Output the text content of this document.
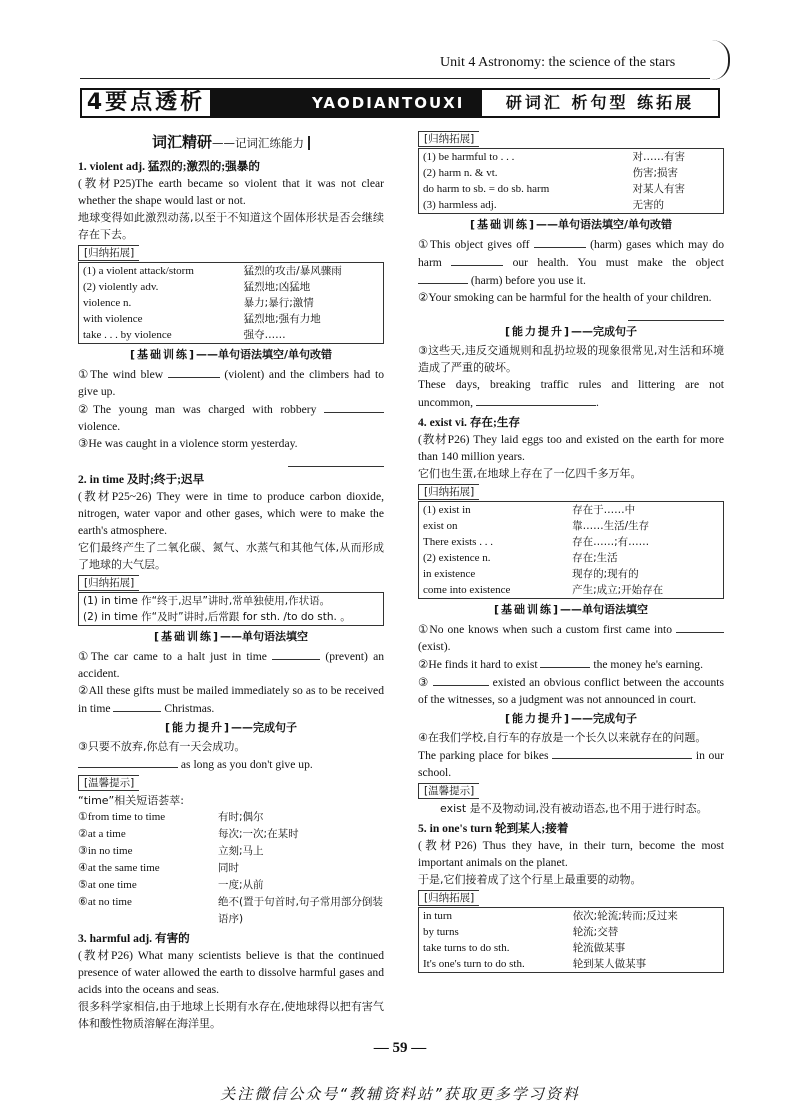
Unit 4 Astronomy: the science of the stars
4要点透析	YAODIANTOUXI	研词汇 析句型 练拓展
词汇精研——记词汇练能力

1. violent adj. 猛烈的;激烈的;强暴的

(教材P25)The earth became so violent that it was not clear whether the shape would last or not.

地球变得如此激烈动荡,以至于不知道这个固体形状是否会继续存在下去。

[归纳拓展]
(1) a violent attack/storm	猛烈的攻击/暴风骤雨
(2) violently adv.	猛烈地;凶猛地
violence n.	暴力;暴行;激情
with violence	猛烈地;强有力地
take . . . by violence	强夺……
[基础训练]——单句语法填空/单句改错

①The wind blew	(violent) and the climbers had to give up.

②The young man was charged with robbery  violence.

③He was caught in a violence storm yesterday.

2. in time 及时;终于;迟早

(教材P25~26) They were in time to produce carbon dioxide, nitrogen, water vapor and other gases, which were to make the earth's atmosphere.

它们最终产生了二氧化碳、氮气、水蒸气和其他气体,从而形成了地球的大气层。

[归纳拓展]
(1) in time 作“终于,迟早”讲时,常单独使用,作状语。
(2) in time 作“及时”讲时,后常跟 for sth. /to do sth. 。
[基础训练]——单句语法填空

①The car came to a halt just in time	(prevent) an accident.

②All these gifts must be mailed immediately so as to be received in time	Christmas.

[能力提升]——完成句子

③只要不放弃,你总有一天会成功。

as long as you don't give up.

[温馨提示]

“time”相关短语荟萃:

①from time to time	有时;偶尔
②at a time	每次;一次;在某时
③in no time	立刻;马上
④at the same time	同时
⑤at one time	一度;从前
⑥at no time	绝不(置于句首时,句子常用部分倒装语序)

3. harmful adj. 有害的

(教材P26) What many scientists believe is that the continued presence of water allowed the earth to dissolve harmful gases and acids into the oceans and seas.

很多科学家相信,由于地球上长期有水存在,使地球得以把有害气体和酸性物质溶解在海洋里。

[归纳拓展]
(1) be harmful to . . .	对……有害
(2) harm n. & vt.	伤害;损害
do harm to sb. = do sb. harm	对某人有害
(3) harmless adj.	无害的
[基础训练]——单句语法填空/单句改错

①This object gives off	(harm) gases which may do harm	our health. You must make the object  (harm) before you use it.

②Your smoking can be harmful for the health of your children.

[能力提升]——完成句子

③这些天,违反交通规则和乱扔垃圾的现象很常见,对生活和环境造成了严重的破坏。

These days, breaking traffic rules and littering are not uncommon,	.

4. exist vi. 存在;生存

(教材P26) They laid eggs too and existed on the earth for more than 140 million years.

它们也生蛋,在地球上存在了一亿四千多万年。

[归纳拓展]
(1) exist in	存在于……中
exist on	靠……生活/生存
There exists . . .	存在……;有……
(2) existence n.	存在;生活
in existence	现存的;现有的
come into existence	产生;成立;开始存在
[基础训练]——单句语法填空

①No one knows when such a custom first came into  (exist).

②He finds it hard to exist	the money he's earning.

③	existed an obvious conflict between the accounts of the witnesses, so a judgment was not announced in court.

[能力提升]——完成句子

④在我们学校,自行车的存放是一个长久以来就存在的问题。

The parking place for bikes	in our school.

[温馨提示]

exist 是不及物动词,没有被动语态,也不用于进行时态。

5. in one's turn 轮到某人;接着

(教材P26) Thus they have, in their turn, become the most important animals on the planet.

于是,它们接着成了这个行星上最重要的动物。

[归纳拓展]
in turn	依次;轮流;转而;反过来
by turns	轮流;交替
take turns to do sth.	轮流做某事
It's one's turn to do sth.	轮到某人做某事
— 59 —
关注微信公众号“教辅资料站”获取更多学习资料
